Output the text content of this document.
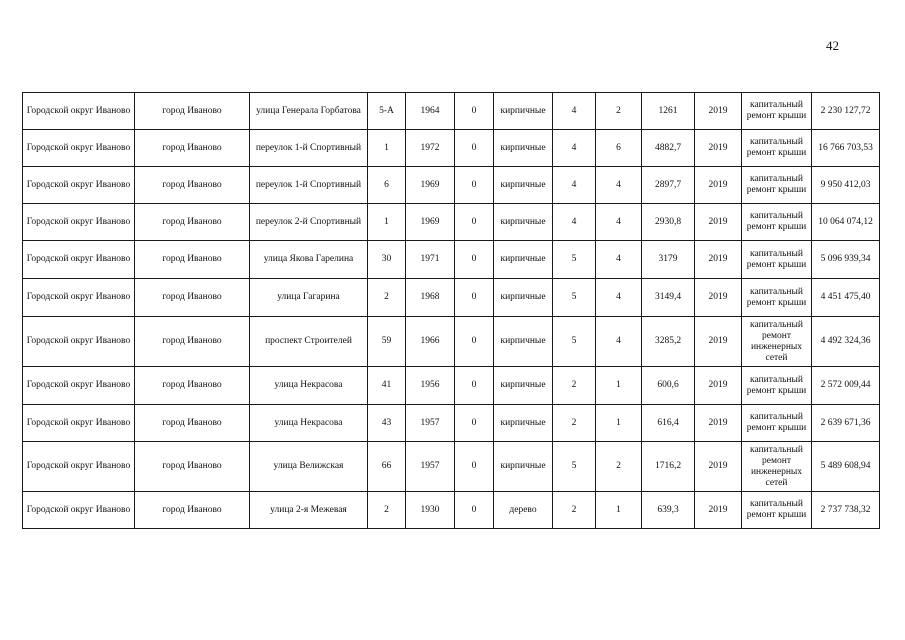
42
Городской округ Иваново	город Иваново	улица Генерала Горбатова	5-А	1964	0	кирпичные	4	2	1261	2019	капитальный ремонт крыши	2 230 127,72
Городской округ Иваново	город Иваново	переулок 1-й Спортивный	1	1972	0	кирпичные	4	6	4882,7	2019	капитальный ремонт крыши	16 766 703,53
Городской округ Иваново	город Иваново	переулок 1-й Спортивный	6	1969	0	кирпичные	4	4	2897,7	2019	капитальный ремонт крыши	9 950 412,03
Городской округ Иваново	город Иваново	переулок 2-й Спортивный	1	1969	0	кирпичные	4	4	2930,8	2019	капитальный ремонт крыши	10 064 074,12
Городской округ Иваново	город Иваново	улица Якова Гарелина	30	1971	0	кирпичные	5	4	3179	2019	капитальный ремонт крыши	5 096 939,34
Городской округ Иваново	город Иваново	улица Гагарина	2	1968	0	кирпичные	5	4	3149,4	2019	капитальный ремонт крыши	4 451 475,40
Городской округ Иваново	город Иваново	проспект Строителей	59	1966	0	кирпичные	5	4	3285,2	2019	капитальный ремонт инженерных сетей	4 492 324,36
Городской округ Иваново	город Иваново	улица Некрасова	41	1956	0	кирпичные	2	1	600,6	2019	капитальный ремонт крыши	2 572 009,44
Городской округ Иваново	город Иваново	улица Некрасова	43	1957	0	кирпичные	2	1	616,4	2019	капитальный ремонт крыши	2 639 671,36
Городской округ Иваново	город Иваново	улица Велижская	66	1957	0	кирпичные	5	2	1716,2	2019	капитальный ремонт инженерных сетей	5 489 608,94
Городской округ Иваново	город Иваново	улица 2-я Межевая	2	1930	0	дерево	2	1	639,3	2019	капитальный ремонт крыши	2 737 738,32
